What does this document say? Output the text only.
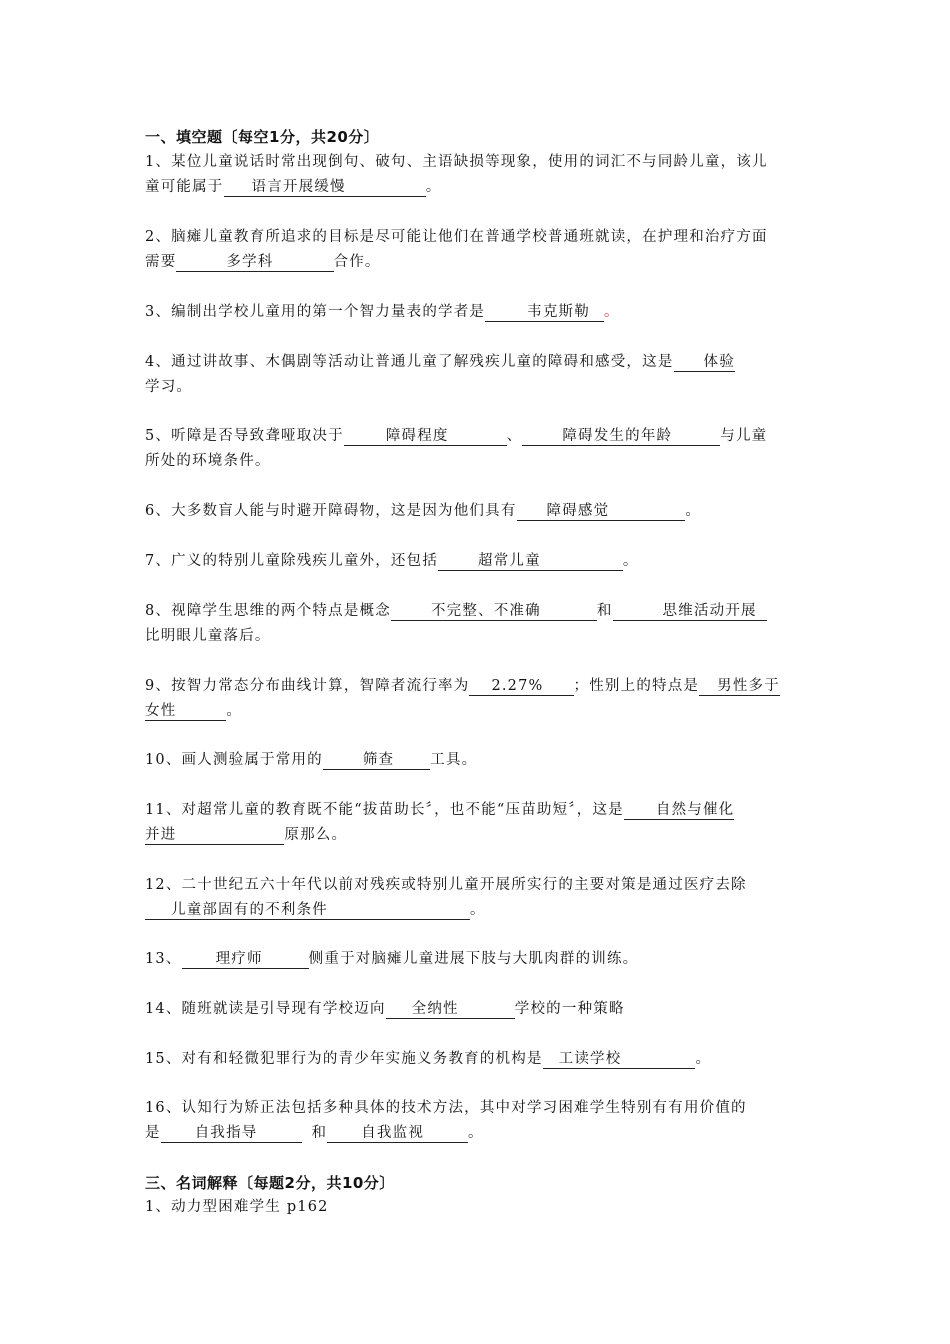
一、填空题〔每空1分，共20分〕
1、某位儿童说话时常出现倒句、破句、主语缺损等现象，使用的词汇不与同龄儿童，该儿
童可能属于 语言开展缓慢	。
2、脑瘫儿童教育所追求的目标是尽可能让他们在普通学校普通班就读，在护理和治疗方面
需要	多学科	合作。
3、编制出学校儿童用的第一个智力量表的学者是	韦克斯勒 。
4、通过讲故事、木偶剧等活动让普通儿童了解残疾儿童的障碍和感受，这是 体验
学习。
5、听障是否导致聋哑取决于	障碍程度	、	障碍发生的年龄	与儿童
所处的环境条件。
6、大多数盲人能与时避开障碍物，这是因为他们具有 障碍感觉	。
7、广义的特别儿童除残疾儿童外，还包括	超常儿童	。
8、视障学生思维的两个特点是概念	不完整、不准确	和	思维活动开展
比明眼儿童落后。
9、按智力常态分布曲线计算，智障者流行率为 2.27% ；性别上的特点是 男性多于
女性	。
10、画人测验属于常用的	筛查 工具。
11、对超常儿童的教育既不能“拔苗助长〞，也不能“压苗助短〞，这是 自然与催化
并进	原那么。
12、二十世纪五六十年代以前对残疾或特别儿童开展所实行的主要对策是通过医疗去除
儿童部固有的不利条件	。
13、 理疗师	侧重于对脑瘫儿童进展下肢与大肌肉群的训练。
14、随班就读是引导现有学校迈向 全纳性	学校的一种策略
15、对有和轻微犯罪行为的青少年实施义务教育的机构是 工读学校	。
16、认知行为矫正法包括多种具体的技术方法，其中对学习困难学生特别有有用价值的
是 自我指导	和 自我监视	。
三、名词解释〔每题2分，共10分〕
1、动力型困难学生 p162
